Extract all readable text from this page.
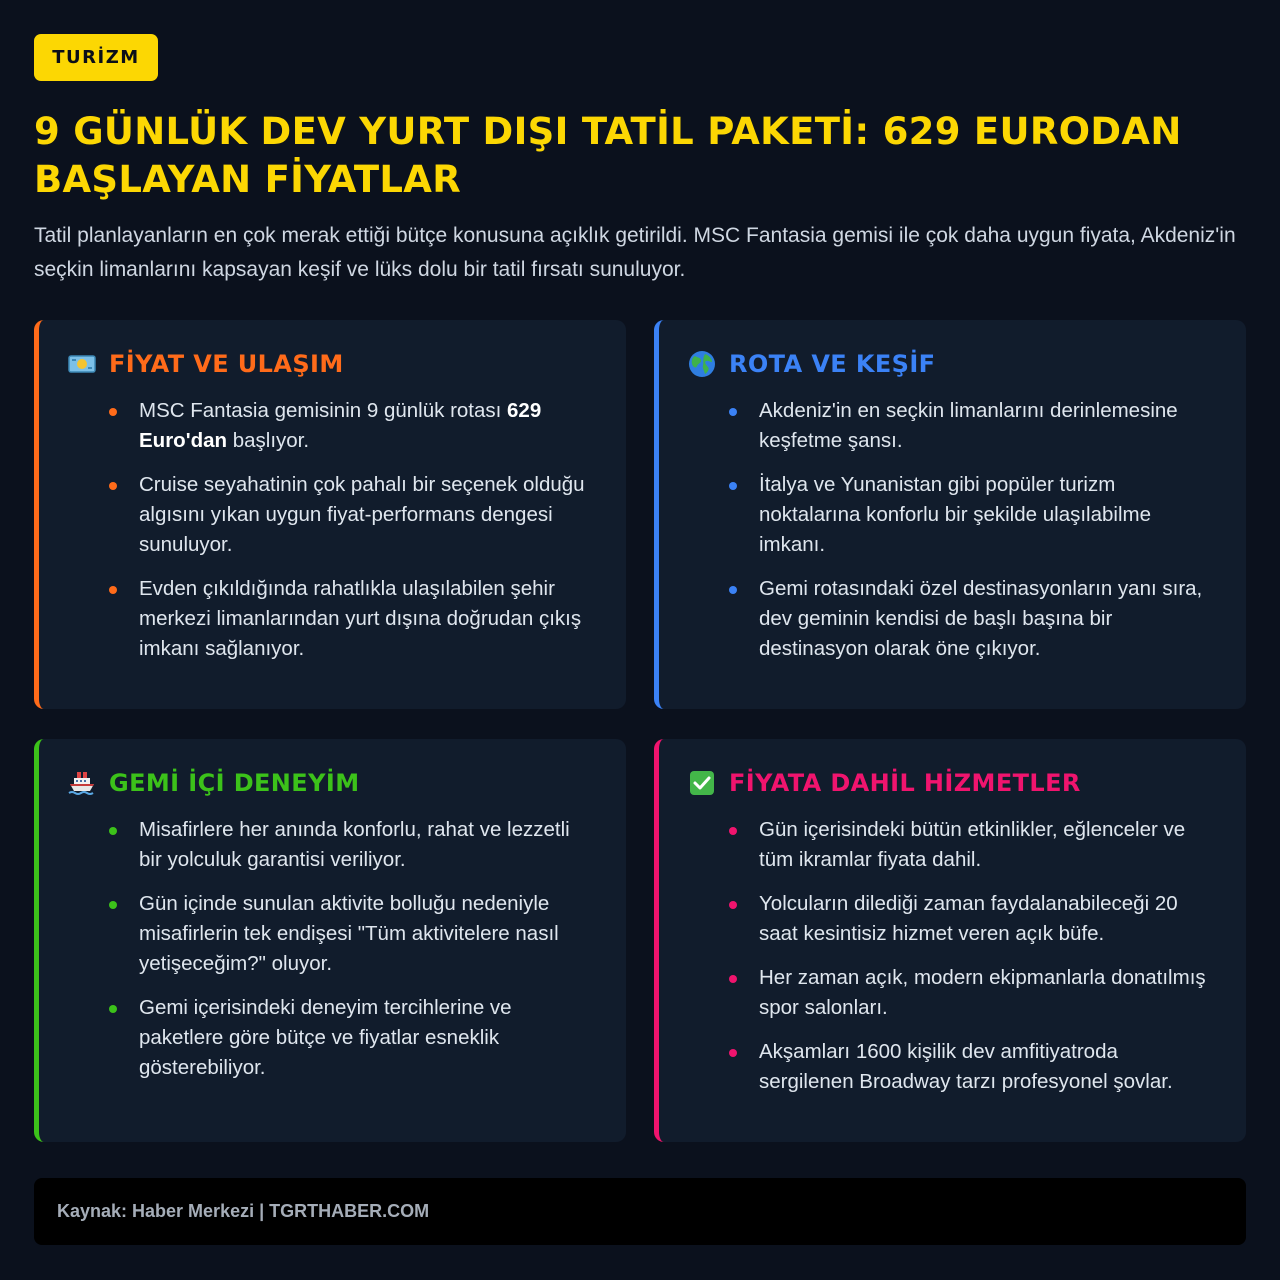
TURİZM
9 GÜNLÜK DEV YURT DIŞI TATİL PAKETİ: 629 EURODAN BAŞLAYAN FİYATLAR

Tatil planlayanların en çok merak ettiği bütçe konusuna açıklık getirildi. MSC Fantasia gemisi ile çok daha uygun fiyata, Akdeniz'in seçkin limanlarını kapsayan keşif ve lüks dolu bir tatil fırsatı sunuluyor.

FİYAT VE ULAŞIM
MSC Fantasia gemisinin 9 günlük rotası 629 Euro'dan başlıyor.
Cruise seyahatinin çok pahalı bir seçenek olduğu algısını yıkan uygun fiyat-performans dengesi sunuluyor.
Evden çıkıldığında rahatlıkla ulaşılabilen şehir merkezi limanlarından yurt dışına doğrudan çıkış imkanı sağlanıyor.
ROTA VE KEŞİF
Akdeniz'in en seçkin limanlarını derinlemesine keşfetme şansı.
İtalya ve Yunanistan gibi popüler turizm noktalarına konforlu bir şekilde ulaşılabilme imkanı.
Gemi rotasındaki özel destinasyonların yanı sıra, dev geminin kendisi de başlı başına bir destinasyon olarak öne çıkıyor.
GEMİ İÇİ DENEYİM
Misafirlere her anında konforlu, rahat ve lezzetli bir yolculuk garantisi veriliyor.
Gün içinde sunulan aktivite bolluğu nedeniyle misafirlerin tek endişesi "Tüm aktivitelere nasıl yetişeceğim?" oluyor.
Gemi içerisindeki deneyim tercihlerine ve paketlere göre bütçe ve fiyatlar esneklik gösterebiliyor.
FİYATA DAHİL HİZMETLER
Gün içerisindeki bütün etkinlikler, eğlenceler ve tüm ikramlar fiyata dahil.
Yolcuların dilediği zaman faydalanabileceği 20 saat kesintisiz hizmet veren açık büfe.
Her zaman açık, modern ekipmanlarla donatılmış spor salonları.
Akşamları 1600 kişilik dev amfitiyatroda sergilenen Broadway tarzı profesyonel şovlar.
Kaynak: Haber Merkezi | TGRTHABER.COM
